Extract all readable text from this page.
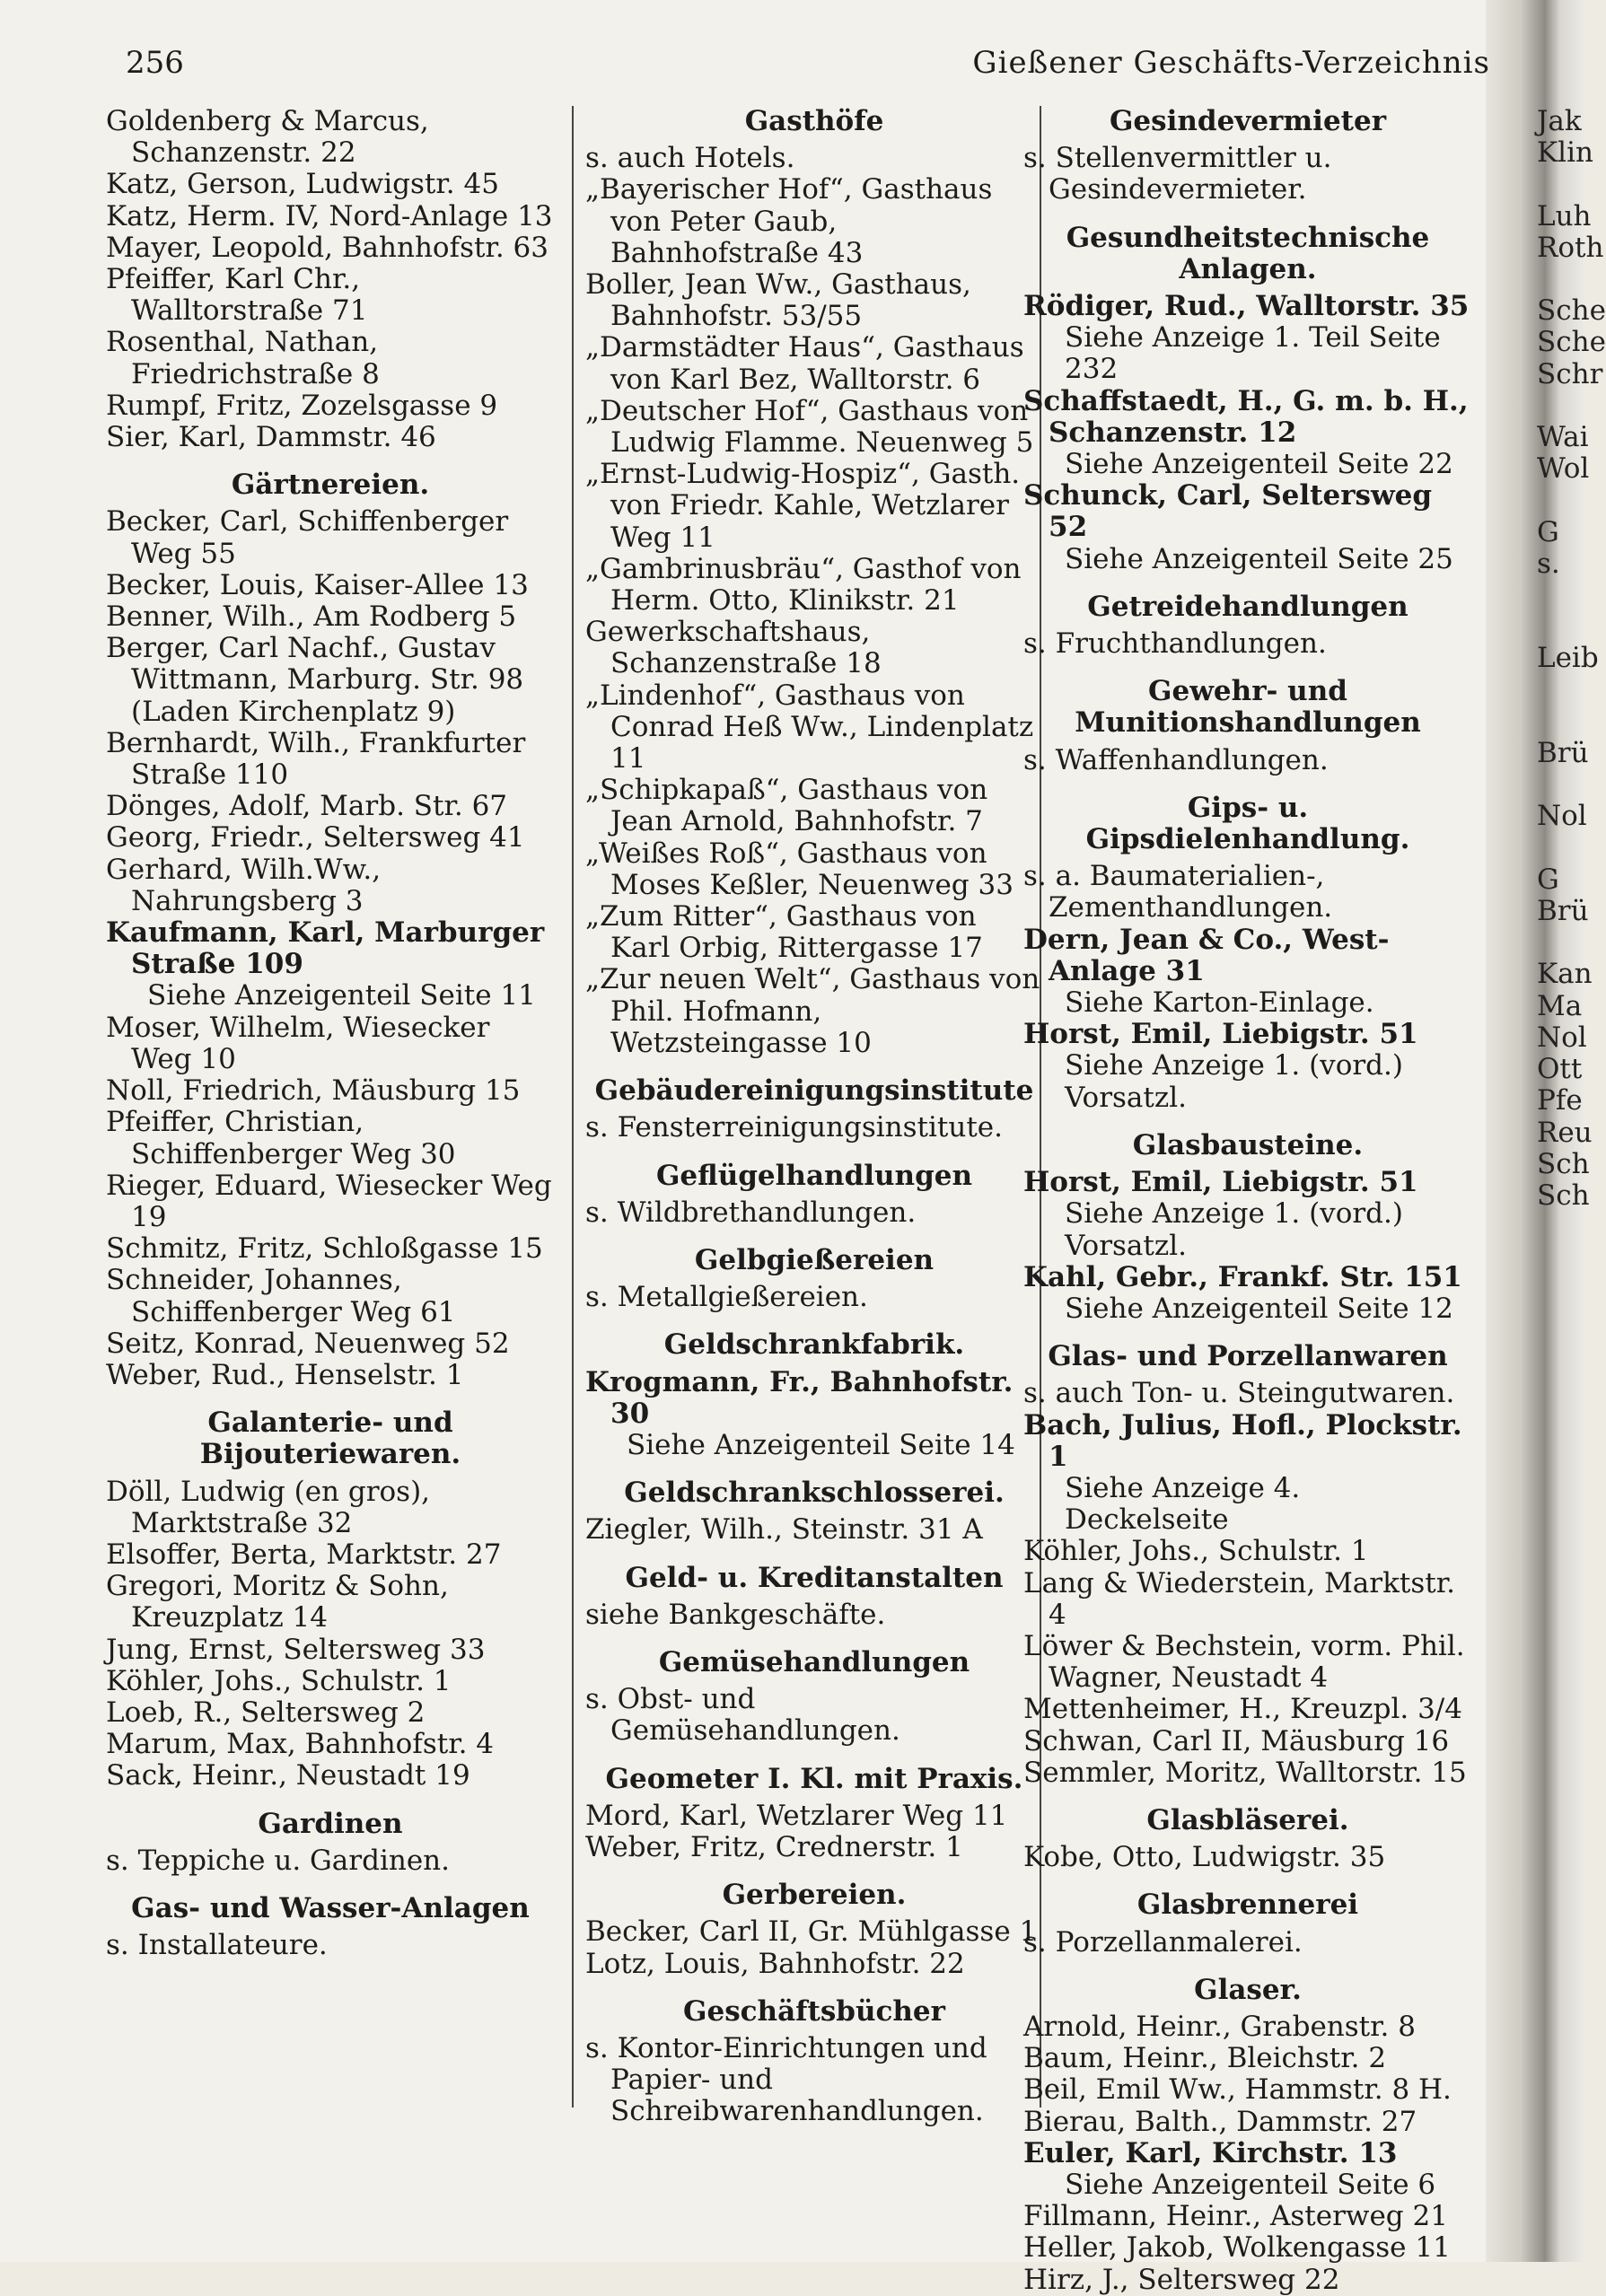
256	Gießener Geschäfts-Verzeichnis

Goldenberg & Marcus, Schanzenstr. 22

Katz, Gerson, Ludwigstr. 45

Katz, Herm. IV, Nord-Anlage 13

Mayer, Leopold, Bahnhofstr. 63

Pfeiffer, Karl Chr., Walltorstraße 71

Rosenthal, Nathan, Friedrichstraße 8

Rumpf, Fritz, Zozelsgasse 9

Sier, Karl, Dammstr. 46

Gärtnereien.

Becker, Carl, Schiffenberger Weg 55

Becker, Louis, Kaiser-Allee 13

Benner, Wilh., Am Rodberg 5

Berger, Carl Nachf., Gustav Wittmann, Marburg. Str. 98 (Laden Kirchenplatz 9)

Bernhardt, Wilh., Frankfurter Straße 110

Dönges, Adolf, Marb. Str. 67

Georg, Friedr., Seltersweg 41

Gerhard, Wilh.Ww., Nahrungsberg 3

Kaufmann, Karl, Marburger Straße 109

Siehe Anzeigenteil Seite 11

Moser, Wilhelm, Wiesecker Weg 10

Noll, Friedrich, Mäusburg 15

Pfeiffer, Christian, Schiffenberger Weg 30

Rieger, Eduard, Wiesecker Weg 19

Schmitz, Fritz, Schloßgasse 15

Schneider, Johannes, Schiffenberger Weg 61

Seitz, Konrad, Neuenweg 52

Weber, Rud., Henselstr. 1

Galanterie- und Bijouteriewaren.

Döll, Ludwig (en gros), Marktstraße 32

Elsoffer, Berta, Marktstr. 27

Gregori, Moritz & Sohn, Kreuzplatz 14

Jung, Ernst, Seltersweg 33

Köhler, Johs., Schulstr. 1

Loeb, R., Seltersweg 2

Marum, Max, Bahnhofstr. 4

Sack, Heinr., Neustadt 19

Gardinen

s. Teppiche u. Gardinen.

Gas- und Wasser-Anlagen

s. Installateure.

Gasthöfe

s. auch Hotels.

„Bayerischer Hof“, Gasthaus von Peter Gaub, Bahnhofstraße 43

Boller, Jean Ww., Gasthaus, Bahnhofstr. 53/55

„Darmstädter Haus“, Gasthaus von Karl Bez, Walltorstr. 6

„Deutscher Hof“, Gasthaus von Ludwig Flamme. Neuenweg 5

„Ernst-Ludwig-Hospiz“, Gasth. von Friedr. Kahle, Wetzlarer Weg 11

„Gambrinusbräu“, Gasthof von Herm. Otto, Klinikstr. 21

Gewerkschaftshaus, Schanzenstraße 18

„Lindenhof“, Gasthaus von Conrad Heß Ww., Lindenplatz 11

„Schipkapaß“, Gasthaus von Jean Arnold, Bahnhofstr. 7

„Weißes Roß“, Gasthaus von Moses Keßler, Neuenweg 33

„Zum Ritter“, Gasthaus von Karl Orbig, Rittergasse 17

„Zur neuen Welt“, Gasthaus von Phil. Hofmann, Wetzsteingasse 10

Gebäudereinigungsinstitute

s. Fensterreinigungsinstitute.

Geflügelhandlungen

s. Wildbrethandlungen.

Gelbgießereien

s. Metallgießereien.

Geldschrankfabrik.

Krogmann, Fr., Bahnhofstr. 30

Siehe Anzeigenteil Seite 14

Geldschrankschlosserei.

Ziegler, Wilh., Steinstr. 31 A

Geld- u. Kreditanstalten

siehe Bankgeschäfte.

Gemüsehandlungen

s. Obst- und Gemüsehandlungen.

Geometer I. Kl. mit Praxis.

Mord, Karl, Wetzlarer Weg 11

Weber, Fritz, Crednerstr. 1

Gerbereien.

Becker, Carl II, Gr. Mühlgasse 1

Lotz, Louis, Bahnhofstr. 22

Geschäftsbücher

s. Kontor-Einrichtungen und Papier- und Schreibwarenhandlungen.

Gesindevermieter

s. Stellenvermittler u. Gesindevermieter.

Gesundheitstechnische Anlagen.

Rödiger, Rud., Walltorstr. 35

Siehe Anzeige 1. Teil Seite 232

Schaffstaedt, H., G. m. b. H., Schanzenstr. 12

Siehe Anzeigenteil Seite 22

Schunck, Carl, Seltersweg 52

Siehe Anzeigenteil Seite 25

Getreidehandlungen

s. Fruchthandlungen.

Gewehr- und Munitionshandlungen

s. Waffenhandlungen.

Gips- u. Gipsdielenhandlung.

s. a. Baumaterialien-, Zementhandlungen.

Dern, Jean & Co., West-Anlage 31

Siehe Karton-Einlage.

Horst, Emil, Liebigstr. 51

Siehe Anzeige 1. (vord.) Vorsatzl.

Glasbausteine.

Horst, Emil, Liebigstr. 51

Siehe Anzeige 1. (vord.) Vorsatzl.

Kahl, Gebr., Frankf. Str. 151

Siehe Anzeigenteil Seite 12

Glas- und Porzellanwaren

s. auch Ton- u. Steingutwaren.

Bach, Julius, Hofl., Plockstr. 1

Siehe Anzeige 4. Deckelseite

Köhler, Johs., Schulstr. 1

Lang & Wiederstein, Marktstr. 4

Löwer & Bechstein, vorm. Phil. Wagner, Neustadt 4

Mettenheimer, H., Kreuzpl. 3/4

Schwan, Carl II, Mäusburg 16

Semmler, Moritz, Walltorstr. 15

Glasbläserei.

Kobe, Otto, Ludwigstr. 35

Glasbrennerei

s. Porzellanmalerei.

Glaser.

Arnold, Heinr., Grabenstr. 8

Baum, Heinr., Bleichstr. 2

Beil, Emil Ww., Hammstr. 8 H.

Bierau, Balth., Dammstr. 27

Euler, Karl, Kirchstr. 13

Siehe Anzeigenteil Seite 6

Fillmann, Heinr., Asterweg 21

Heller, Jakob, Wolkengasse 11

Hirz, J., Seltersweg 22

Jak

Klin

Luh

Roth

Sche

Sche

Schr

Wai

Wol

G

s.

Leib

Brü

Nol

G

Brü

Kan

Ma

Nol

Ott

Pfe

Reu

Sch

Sch
